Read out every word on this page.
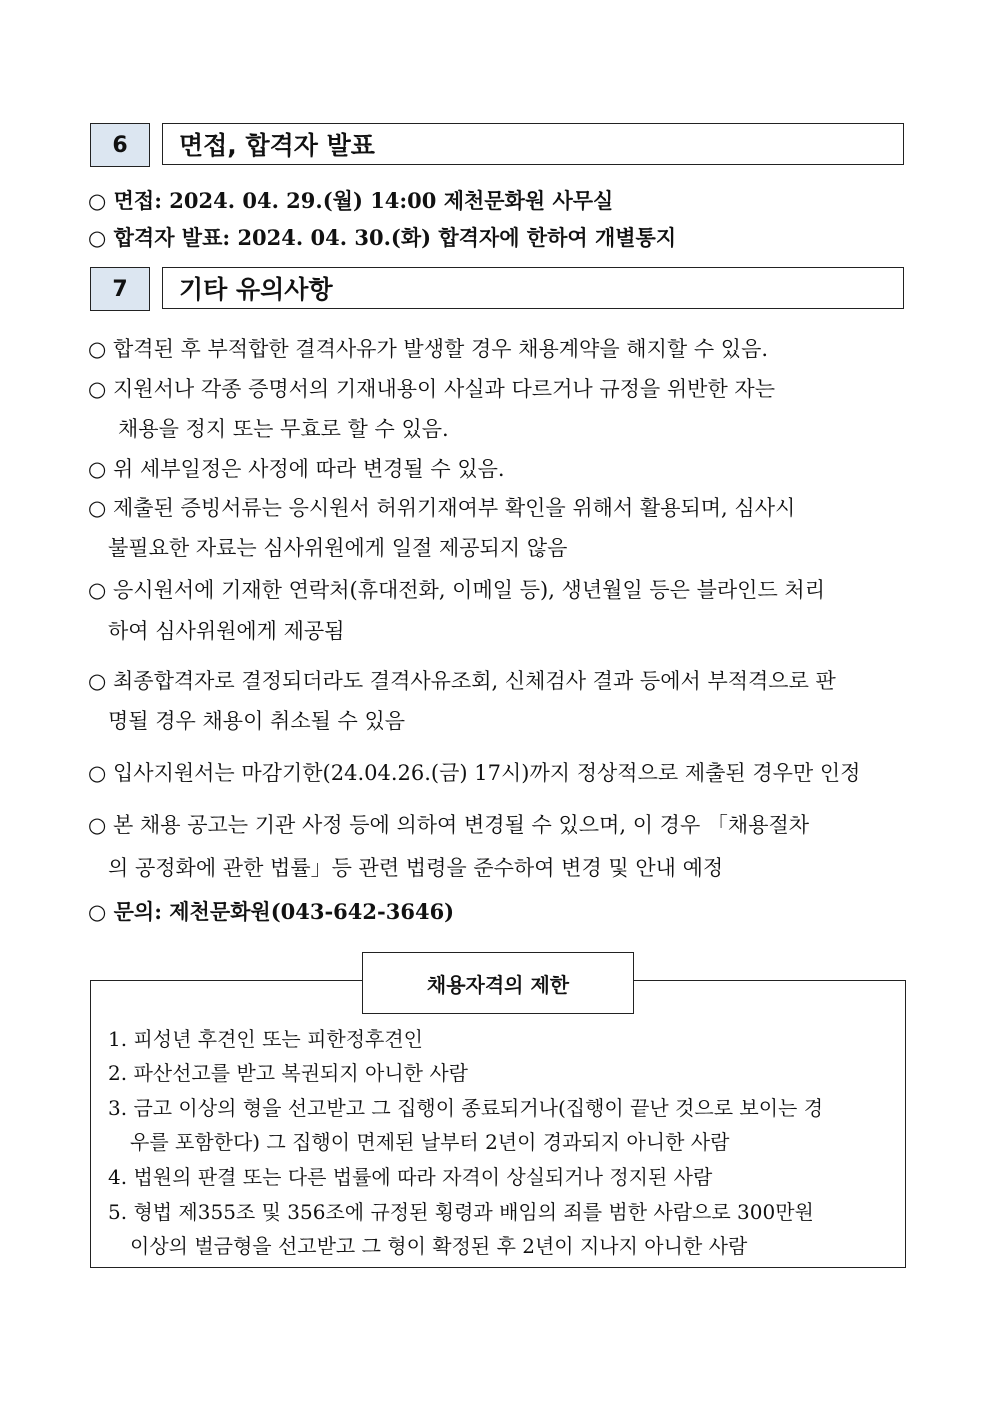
6	면접, 합격자 발표
○ 면접: 2024. 04. 29.(월) 14:00 제천문화원 사무실
○ 합격자 발표: 2024. 04. 30.(화) 합격자에 한하여 개별통지
7	기타 유의사항
○ 합격된 후 부적합한 결격사유가 발생할 경우 채용계약을 해지할 수 있음.
○ 지원서나 각종 증명서의 기재내용이 사실과 다르거나 규정을 위반한 자는
채용을 정지 또는 무효로 할 수 있음.
○ 위 세부일정은 사정에 따라 변경될 수 있음.
○ 제출된 증빙서류는 응시원서 허위기재여부 확인을 위해서 활용되며, 심사시
불필요한 자료는 심사위원에게 일절 제공되지 않음
○ 응시원서에 기재한 연락처(휴대전화, 이메일 등), 생년월일 등은 블라인드 처리
하여 심사위원에게 제공됨
○ 최종합격자로 결정되더라도 결격사유조회, 신체검사 결과 등에서 부적격으로 판
명될 경우 채용이 취소될 수 있음
○ 입사지원서는 마감기한(24.04.26.(금) 17시)까지 정상적으로 제출된 경우만 인정
○ 본 채용 공고는 기관 사정 등에 의하여 변경될 수 있으며, 이 경우 「채용절차
의 공정화에 관한 법률」등 관련 법령을 준수하여 변경 및 안내 예정
○ 문의: 제천문화원(043-642-3646)
채용자격의 제한
1. 피성년 후견인 또는 피한정후견인
2. 파산선고를 받고 복권되지 아니한 사람
3. 금고 이상의 형을 선고받고 그 집행이 종료되거나(집행이 끝난 것으로 보이는 경
우를 포함한다) 그 집행이 면제된 날부터 2년이 경과되지 아니한 사람
4. 법원의 판결 또는 다른 법률에 따라 자격이 상실되거나 정지된 사람
5. 형법 제355조 및 356조에 규정된 횡령과 배임의 죄를 범한 사람으로 300만원
이상의 벌금형을 선고받고 그 형이 확정된 후 2년이 지나지 아니한 사람
